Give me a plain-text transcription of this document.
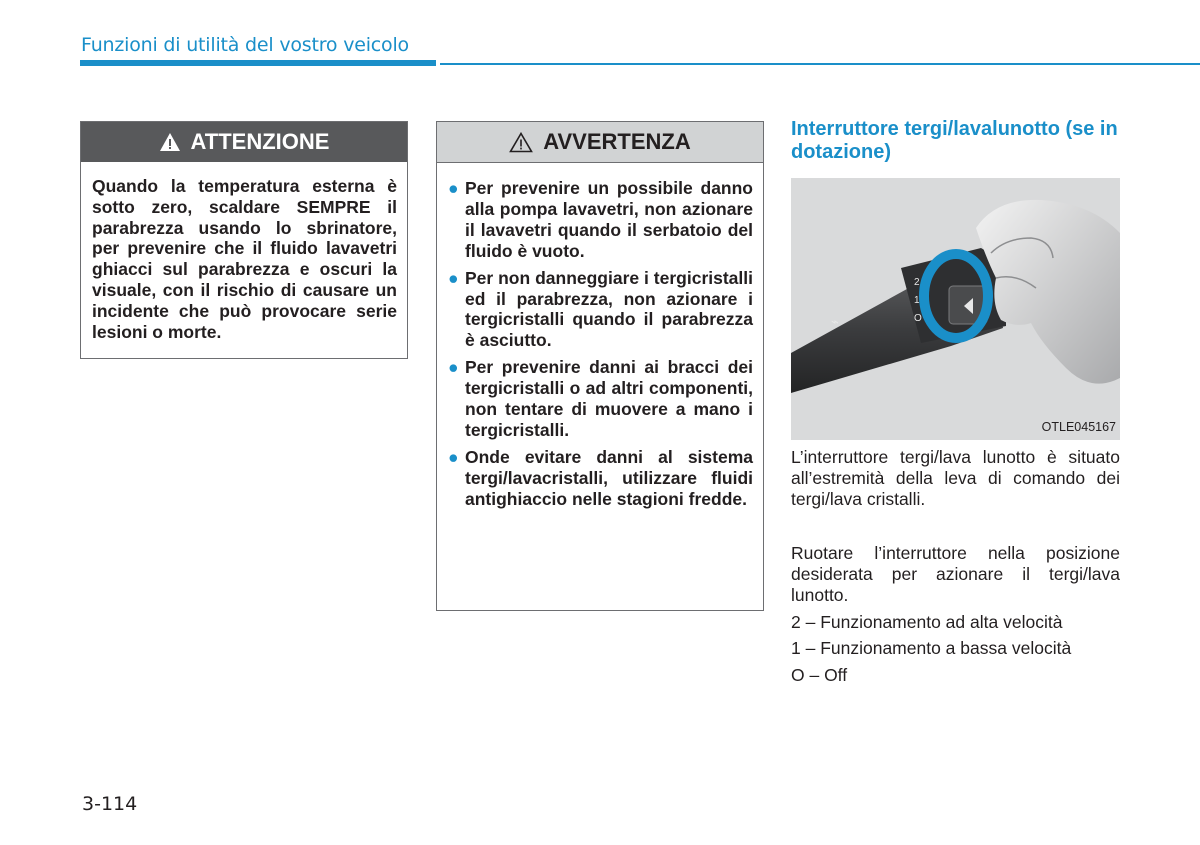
Funzioni di utilità del vostro veicolo
ATTENZIONE
Quando la temperatura esterna è sotto zero, scaldare SEMPRE il parabrezza usando lo sbrinatore, per prevenire che il fluido lavavetri ghiacci sul parabrezza e oscuri la visuale, con il rischio di causare un incidente che può provocare serie lesioni o morte.
AVVERTENZA
● Per prevenire un possibile danno alla pompa lavavetri, non azionare il lavavetri quando il serbatoio del fluido è vuoto.
● Per non danneggiare i tergicristalli ed il parabrezza, non azionare i tergicristalli quando il parabrezza è asciutto.
● Per prevenire danni ai bracci dei tergicristalli o ad altri componenti, non tentare di muovere a mano i tergicristalli.
● Onde evitare danni al sistema tergi/lavacristalli, utilizzare fluidi antighiaccio nelle stagioni fredde.
Interruttore tergi/lavalunotto (se in dotazione)
⌁
2
1
O
OTLE045167
L’interruttore tergi/lava lunotto è situato all’estremità della leva di comando dei tergi/lava cristalli.
Ruotare l’interruttore nella posizione desiderata per azionare il tergi/lava lunotto.
2 – Funzionamento ad alta velocità
1 – Funzionamento a bassa velocità
O – Off
3-114
